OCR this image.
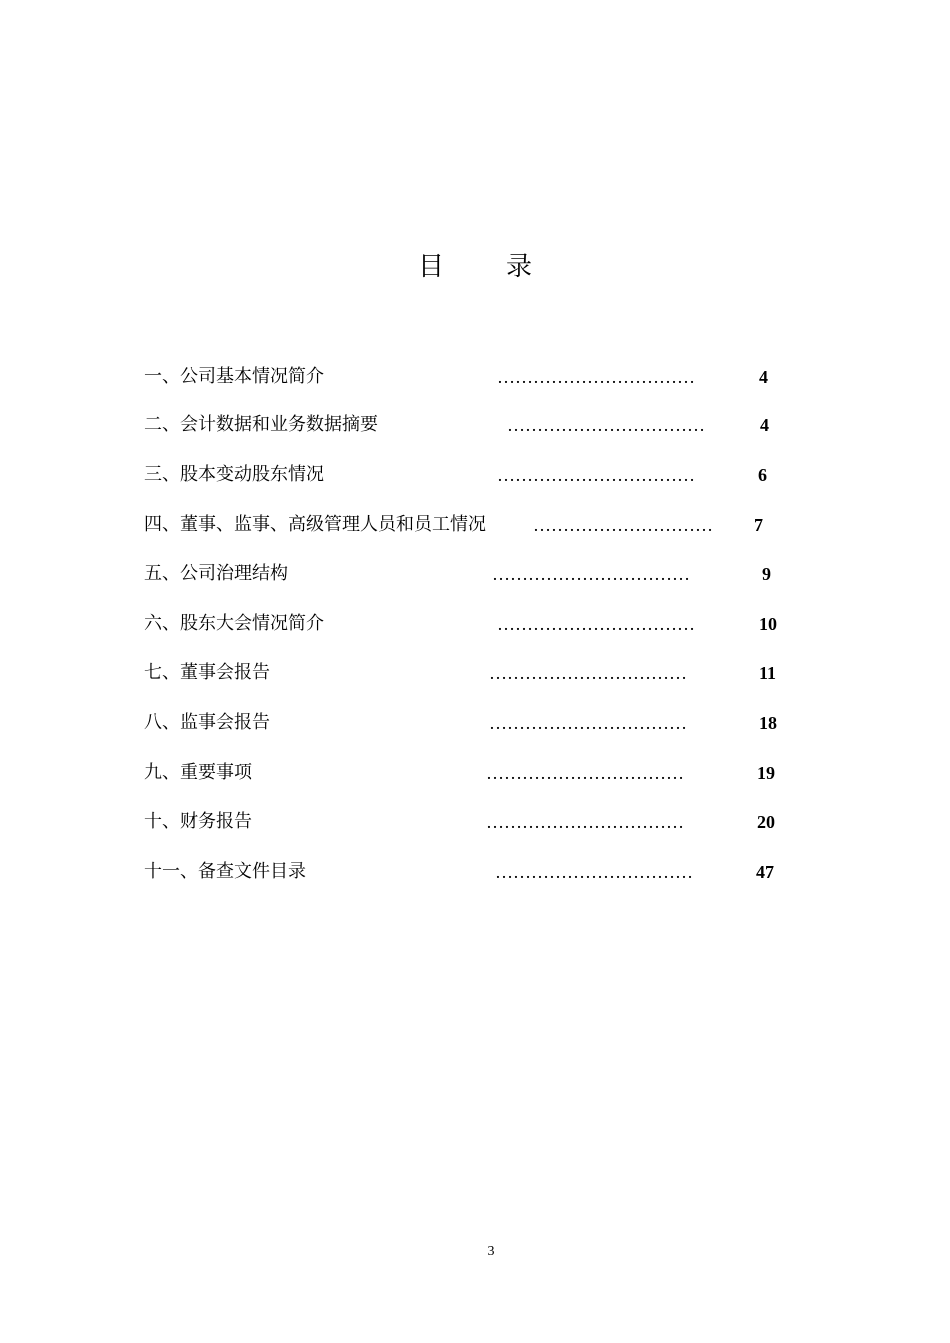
目 录
一、公司基本情况简介	……………………………	4
二、会计数据和业务数据摘要	……………………………	4
三、股本变动股东情况	……………………………	6
四、董事、监事、高级管理人员和员工情况	………………………… 7
五、公司治理结构	……………………………	9
六、股东大会情况简介	……………………………	10
七、董事会报告	……………………………	11
八、监事会报告	……………………………	18
九、重要事项	……………………………	19
十、财务报告	……………………………	20
十一、备查文件目录	……………………………	47
3
